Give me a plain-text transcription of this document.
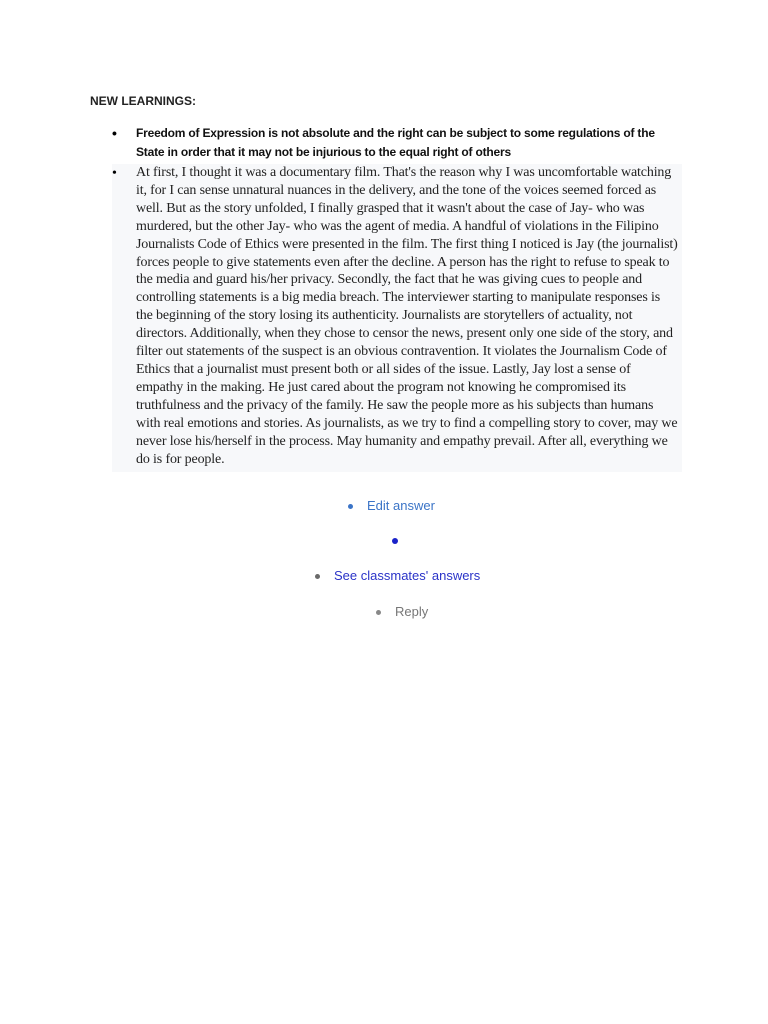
NEW LEARNINGS:
• Freedom of Expression is not absolute and the right can be subject to some regulations of the State in order that it may not be injurious to the equal right of others
• At first, I thought it was a documentary film. That's the reason why I was uncomfortable watching it, for I can sense unnatural nuances in the delivery, and the tone of the voices seemed forced as well. But as the story unfolded, I finally grasped that it wasn't about the case of Jay- who was murdered, but the other Jay- who was the agent of media. A handful of violations in the Filipino Journalists Code of Ethics were presented in the film. The first thing I noticed is Jay (the journalist) forces people to give statements even after the decline. A person has the right to refuse to speak to the media and guard his/her privacy. Secondly, the fact that he was giving cues to people and controlling statements is a big media breach. The interviewer starting to manipulate responses is the beginning of the story losing its authenticity. Journalists are storytellers of actuality, not directors. Additionally, when they chose to censor the news, present only one side of the story, and filter out statements of the suspect is an obvious contravention. It violates the Journalism Code of Ethics that a journalist must present both or all sides of the issue. Lastly, Jay lost a sense of empathy in the making. He just cared about the program not knowing he compromised its truthfulness and the privacy of the family. He saw the people more as his subjects than humans with real emotions and stories. As journalists, as we try to find a compelling story to cover, may we never lose his/herself in the process. May humanity and empathy prevail. After all, everything we do is for people.
Edit answer
See classmates' answers
Reply
